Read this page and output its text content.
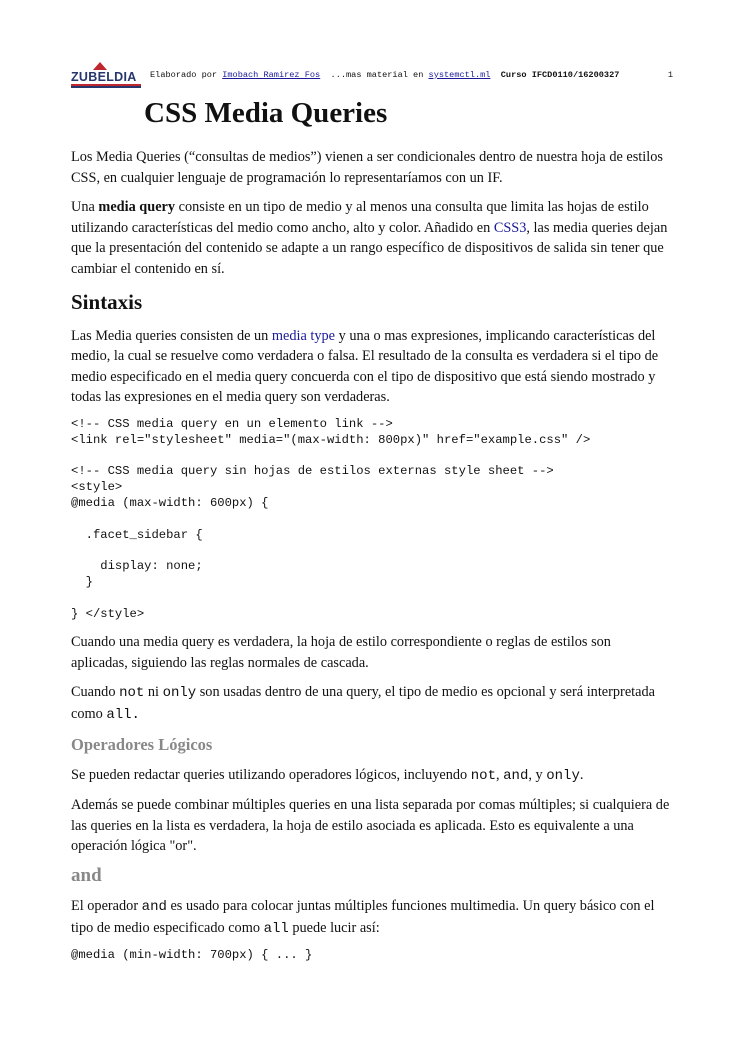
ZUBELDIA Elaborado por Imobach Ramirez Fos ...mas material en systemctl.ml Curso IFCD0110/16200327	1
CSS Media Queries

Los Media Queries (“consultas de medios”) vienen a ser condicionales dentro de nuestra hoja de estilos CSS, en cualquier lenguaje de programación lo representaríamos con un IF.

Una media query consiste en un tipo de medio y al menos una consulta que limita las hojas de estilo utilizando características del medio como ancho, alto y color. Añadido en CSS3, las media queries dejan que la presentación del contenido se adapte a un rango específico de dispositivos de salida sin tener que cambiar el contenido en sí.

Sintaxis

Las Media queries consisten de un media type y una o mas expresiones, implicando características del medio, la cual se resuelve como verdadera o falsa. El resultado de la consulta es verdadera si el tipo de medio especificado en el media query concuerda con el tipo de dispositivo que está siendo mostrado y todas las expresiones en el media query son verdaderas.

<!-- CSS media query en un elemento link -->
<link rel="stylesheet" media="(max-width: 800px)" href="example.css" />

<!-- CSS media query sin hojas de estilos externas style sheet -->
<style>
@media (max-width: 600px) {

.facet_sidebar {

display: none;
}

} </style>

Cuando una media query es verdadera, la hoja de estilo correspondiente o reglas de estilos son aplicadas, siguiendo las reglas normales de cascada.

Cuando not ni only son usadas dentro de una query, el tipo de medio es opcional y será interpretada como all.

Operadores Lógicos

Se pueden redactar queries utilizando operadores lógicos, incluyendo not, and, y only.

Además se puede combinar múltiples queries en una lista separada por comas múltiples; si cualquiera de las queries en la lista es verdadera, la hoja de estilo asociada es aplicada. Esto es equivalente a una operación lógica "or".

and

El operador and es usado para colocar juntas múltiples funciones multimedia. Un query básico con el tipo de medio especificado como all puede lucir así:

@media (min-width: 700px) { ... }
